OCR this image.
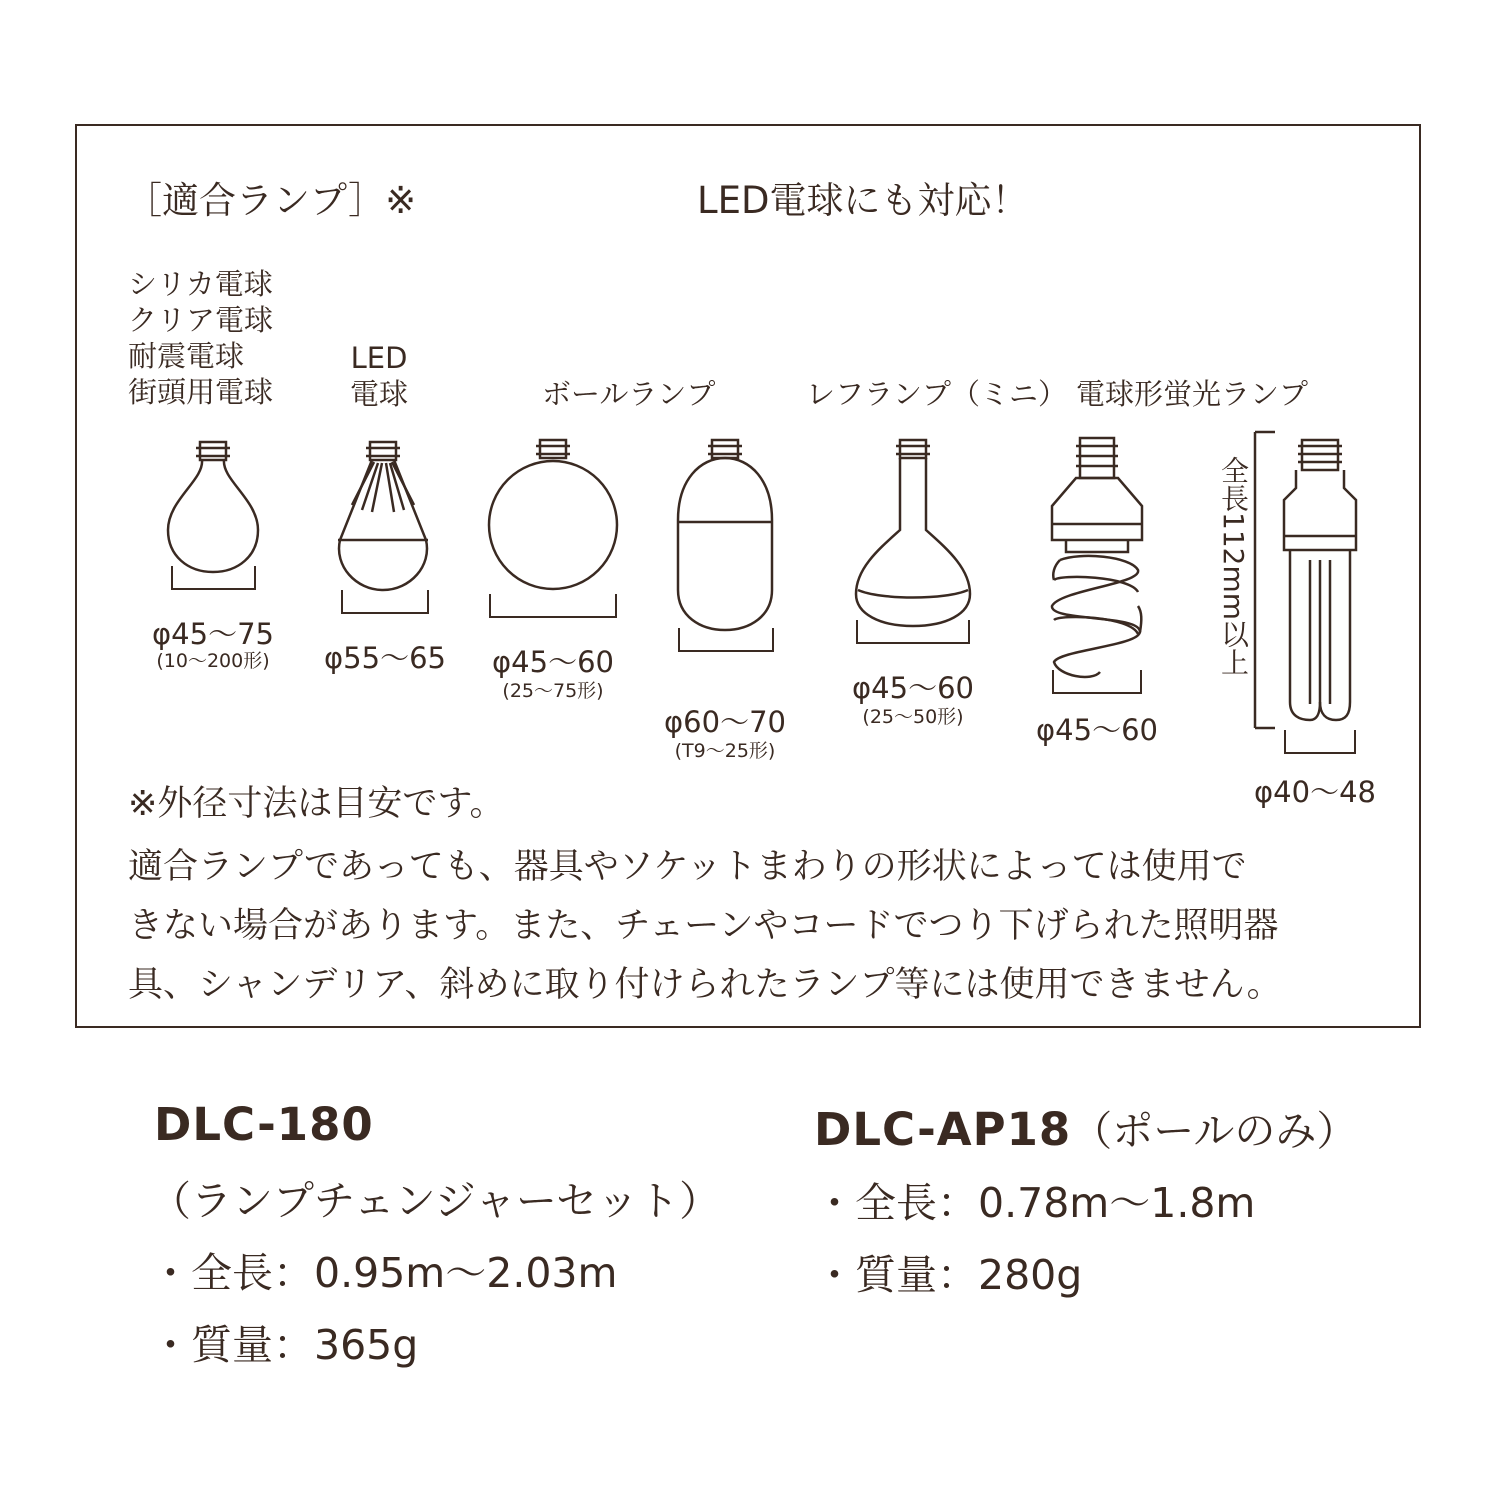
［適合ランプ］※	LED電球にも対応！
シリカ電球
クリア電球
耐震電球
街頭用電球
LED
電球	ボールランプ	レフランプ（ミニ） 電球形蛍光ランプ
φ45〜75
(10〜200形)	φ55〜65	φ45〜60
(25〜75形)
φ60〜70
(T9〜25形)
φ45〜60
(25〜50形)	φ45〜60
φ40〜48
全長112mm以上
※外径寸法は目安です。
適合ランプであっても、器具やソケットまわりの形状によっては使用で
きない場合があります。また、チェーンやコードでつり下げられた照明器
具、シャンデリア、斜めに取り付けられたランプ等には使用できません。
DLC-180
（ランプチェンジャーセット）
・全長：0.95m〜2.03m
・質量：365g
DLC-AP18（ポールのみ）
・全長：0.78m〜1.8m
・質量：280g
